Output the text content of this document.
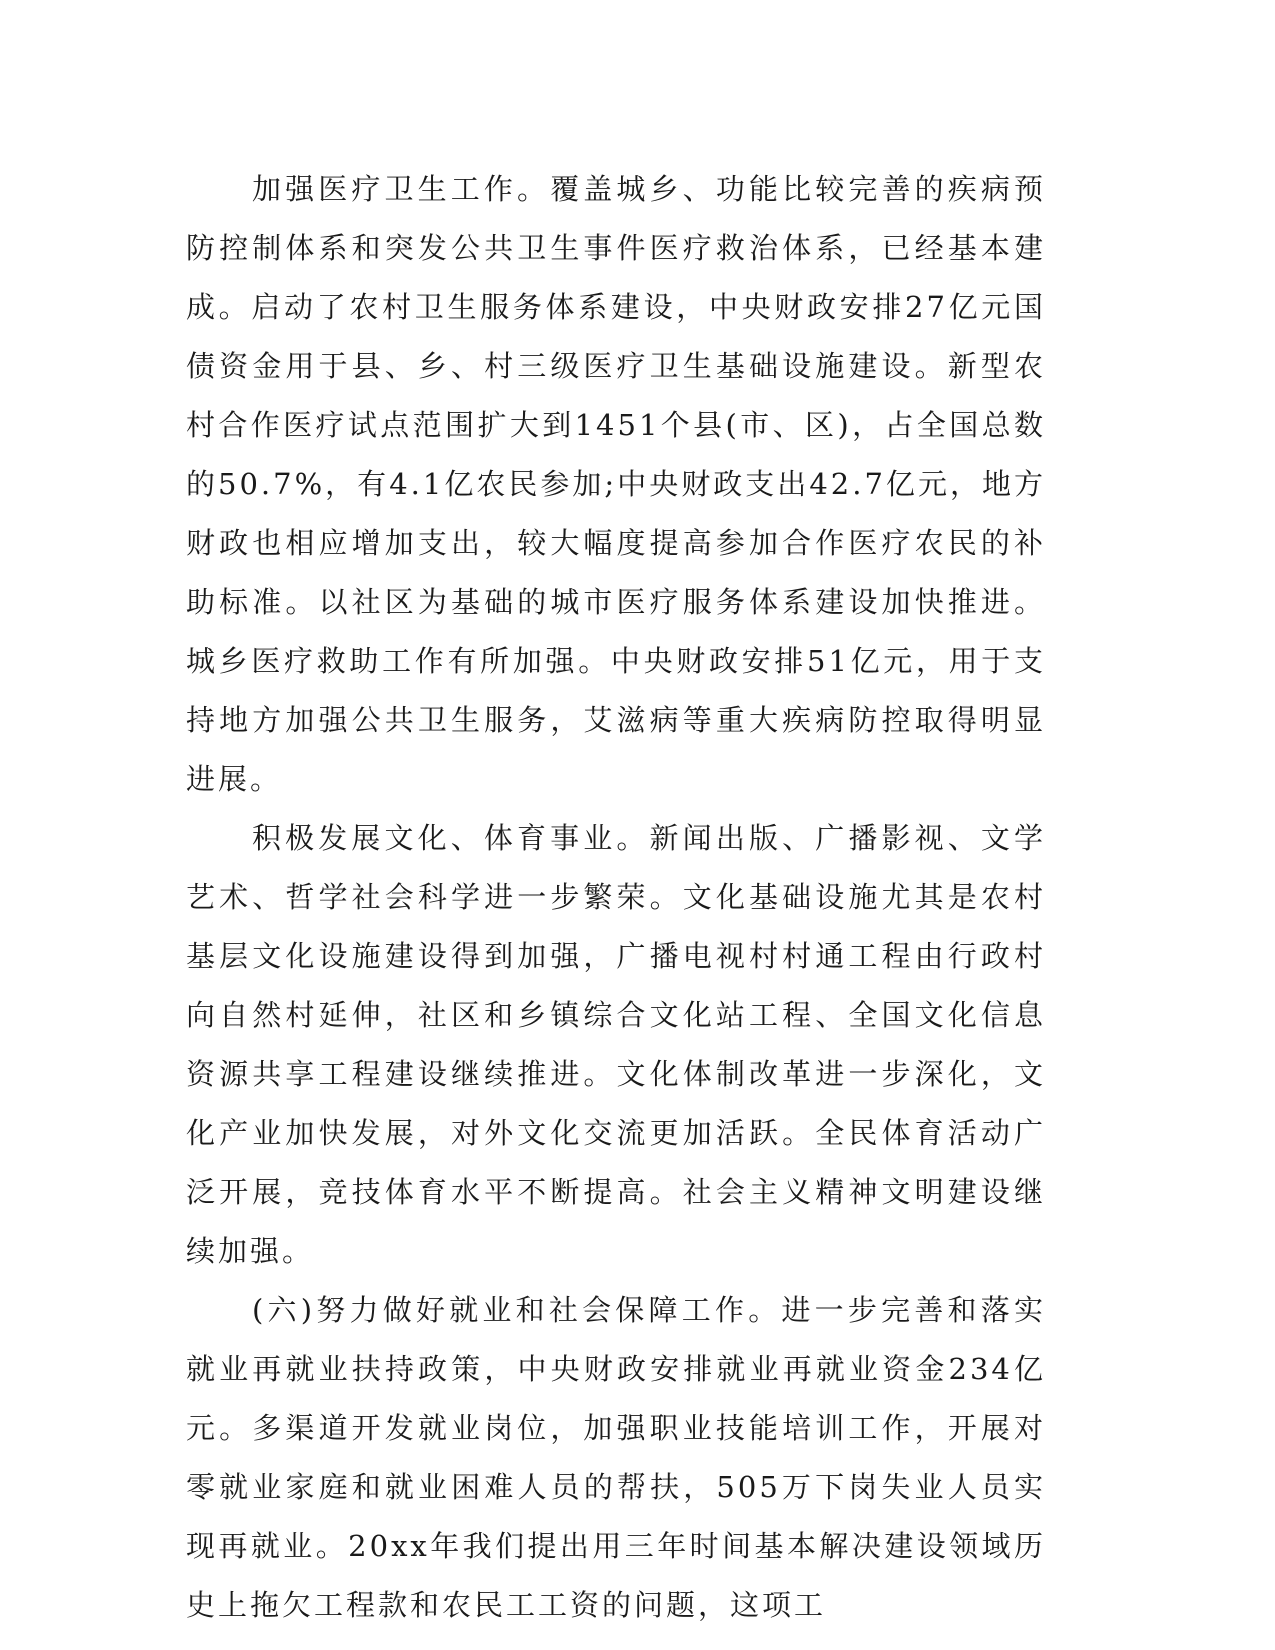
加强医疗卫生工作。覆盖城乡、功能比较完善的疾病预防控制体系和突发公共卫生事件医疗救治体系，已经基本建成。启动了农村卫生服务体系建设，中央财政安排27亿元国债资金用于县、乡、村三级医疗卫生基础设施建设。新型农村合作医疗试点范围扩大到1451个县(市、区)，占全国总数的50.7%，有4.1亿农民参加;中央财政支出42.7亿元，地方财政也相应增加支出，较大幅度提高参加合作医疗农民的补助标准。以社区为基础的城市医疗服务体系建设加快推进。城乡医疗救助工作有所加强。中央财政安排51亿元，用于支持地方加强公共卫生服务，艾滋病等重大疾病防控取得明显进展。

积极发展文化、体育事业。新闻出版、广播影视、文学艺术、哲学社会科学进一步繁荣。文化基础设施尤其是农村基层文化设施建设得到加强，广播电视村村通工程由行政村向自然村延伸，社区和乡镇综合文化站工程、全国文化信息资源共享工程建设继续推进。文化体制改革进一步深化，文化产业加快发展，对外文化交流更加活跃。全民体育活动广泛开展，竞技体育水平不断提高。社会主义精神文明建设继续加强。

(六)努力做好就业和社会保障工作。进一步完善和落实就业再就业扶持政策，中央财政安排就业再就业资金234亿元。多渠道开发就业岗位，加强职业技能培训工作，开展对零就业家庭和就业困难人员的帮扶，505万下岗失业人员实现再就业。20xx年我们提出用三年时间基本解决建设领域历史上拖欠工程款和农民工工资的问题，这项工
